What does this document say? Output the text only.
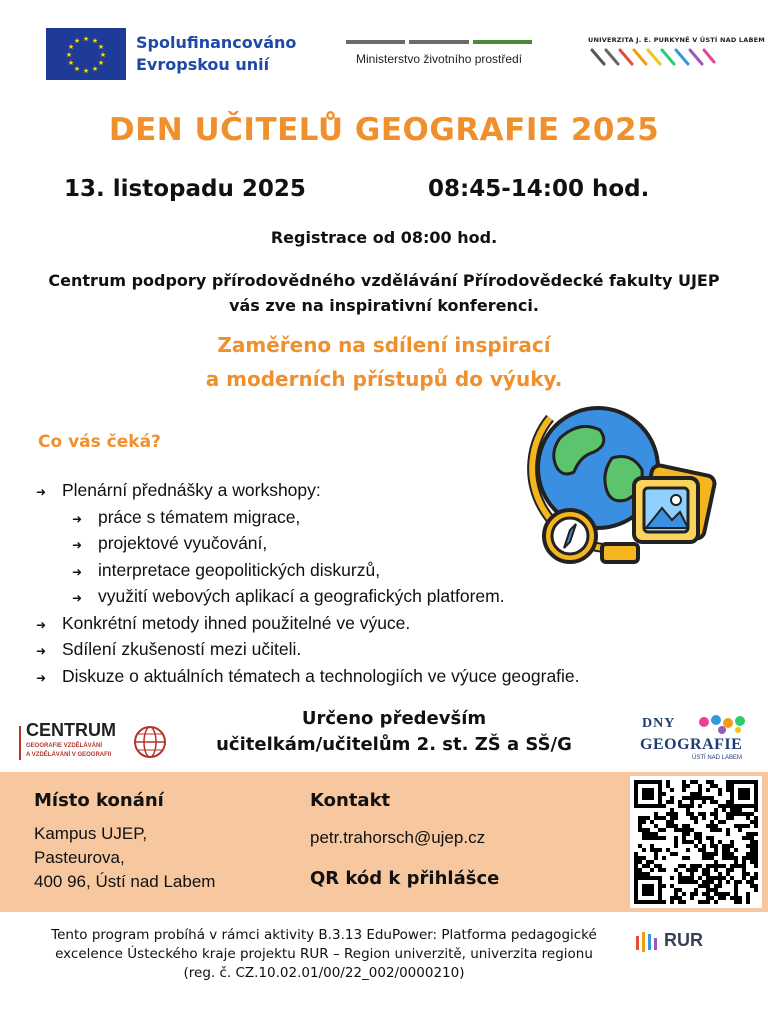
★ ★
★
★
★
★
★
★
★
★
★
★	Spolufinancováno
Evropskou unií	Ministerstvo životního prostředí
UNIVERZITA J. E. PURKYNĚ V ÚSTÍ NAD LABEM
DEN UČITELŮ GEOGRAFIE 2025
13. listopadu 2025	08:45-14:00 hod.
Registrace od 08:00 hod.
Centrum podpory přírodovědného vzdělávání Přírodovědecké fakulty UJEP vás zve na inspirativní konferenci.
Zaměřeno na sdílení inspirací
a moderních přístupů do výuky.
Co vás čeká?
➜ Plenární přednášky a workshopy:
➜ práce s tématem migrace,
➜ projektové vyučování,
➜ interpretace geopolitických diskurzů,
➜ využití webových aplikací a geografických platforem.
➜ Konkrétní metody ihned použitelné ve výuce.
➜ Sdílení zkušeností mezi učiteli.
➜ Diskuze o aktuálních tématech a technologiích ve výuce geografie.
CENTRUM
GEOGRAFIE VZDĚLÁVÁNÍ
A VZDĚLÁVÁNÍ V GEOGRAFII
Určeno především
učitelkám/učitelům 2. st. ZŠ a SŠ/G
DNY
GEOGRAFIE
ÚSTÍ NAD LABEM
Místo konání
Kampus UJEP,
Pasteurova,
400 96, Ústí nad Labem
Kontakt
petr.trahorsch@ujep.cz
QR kód k přihlášce
Tento program probíhá v rámci aktivity B.3.13 EduPower: Platforma pedagogické excelence Ústeckého kraje projektu RUR – Region univerzitě, univerzita regionu (reg. č. CZ.10.02.01/00/22_002/0000210)
RUR
